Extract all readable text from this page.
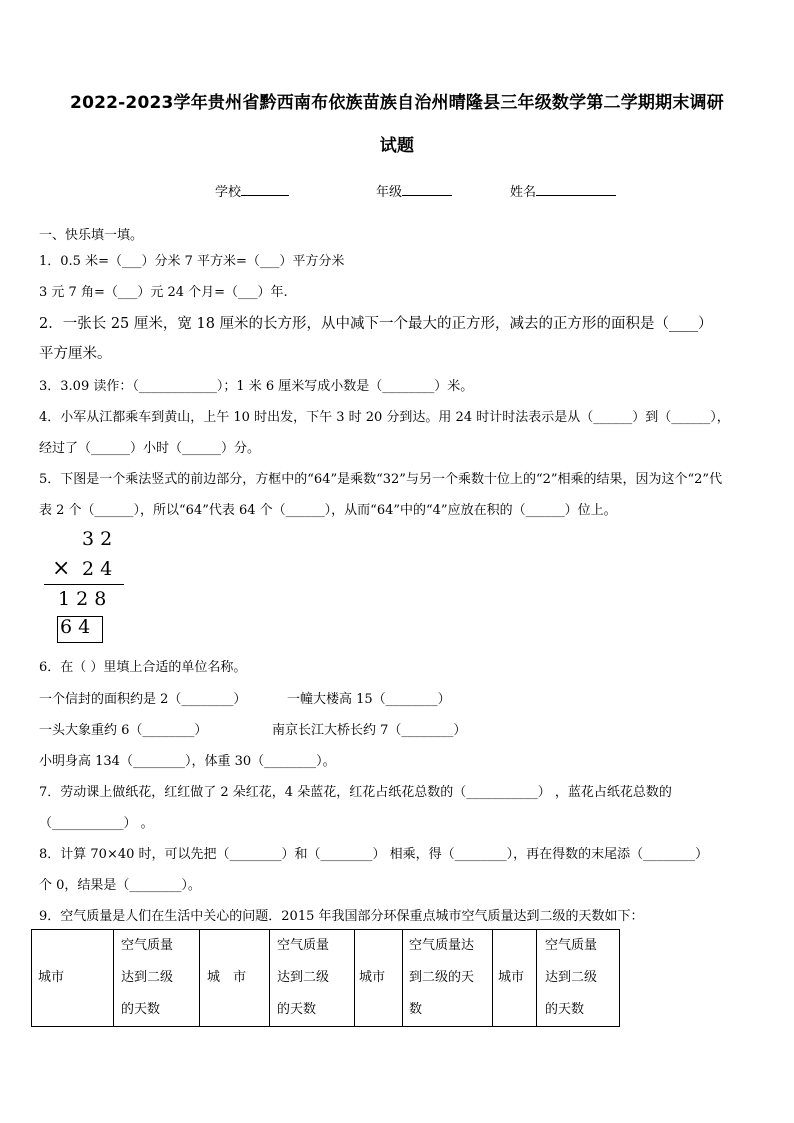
2022-2023学年贵州省黔西南布依族苗族自治州晴隆县三年级数学第二学期期末调研
试题
学校	年级	姓名
一、快乐填一填。
1．0.5 米=（___）分米 7 平方米=（___）平方分米
3 元 7 角=（___）元 24 个月=（___）年.
2．一张长 25 厘米，宽 18 厘米的长方形，从中减下一个最大的正方形，减去的正方形的面积是（____）
平方厘米。
3．3.09 读作：（____________）；1 米 6 厘米写成小数是（________）米。
4．小军从江都乘车到黄山，上午 10 时出发，下午 3 时 20 分到达。用 24 时计时法表示是从（______）到（______），
经过了（______）小时（______）分。
5．下图是一个乘法竖式的前边部分，方框中的“64”是乘数“32”与另一个乘数十位上的“2”相乘的结果，因为这个“2”代
表 2 个（______），所以“64”代表 64 个（______），从而“64”中的“4”应放在积的（______）位上。
3 2
× 2 4
1 2 8
6 4
6．在（ ）里填上合适的单位名称。
一个信封的面积约是 2（________）	一幢大楼高 15（________）
一头大象重约 6（________）	南京长江大桥长约 7（________）
小明身高 134（________），体重 30（________）。
7．劳动课上做纸花，红红做了 2 朵红花，4 朵蓝花，红花占纸花总数的（___________） ，蓝花占纸花总数的
（___________） 。
8．计算 70×40 时，可以先把（________）和（________） 相乘，得（________），再在得数的末尾添（________）
个 0，结果是（________）。
9．空气质量是人们在生活中关心的问题．2015 年我国部分环保重点城市空气质量达到二级的天数如下：
城市	
空气质量
达到二级
的天数
	城　市	
空气质量
达到二级
的天数
	城市	
空气质量达
到二级的天
数
	城市	
空气质量
达到二级
的天数
